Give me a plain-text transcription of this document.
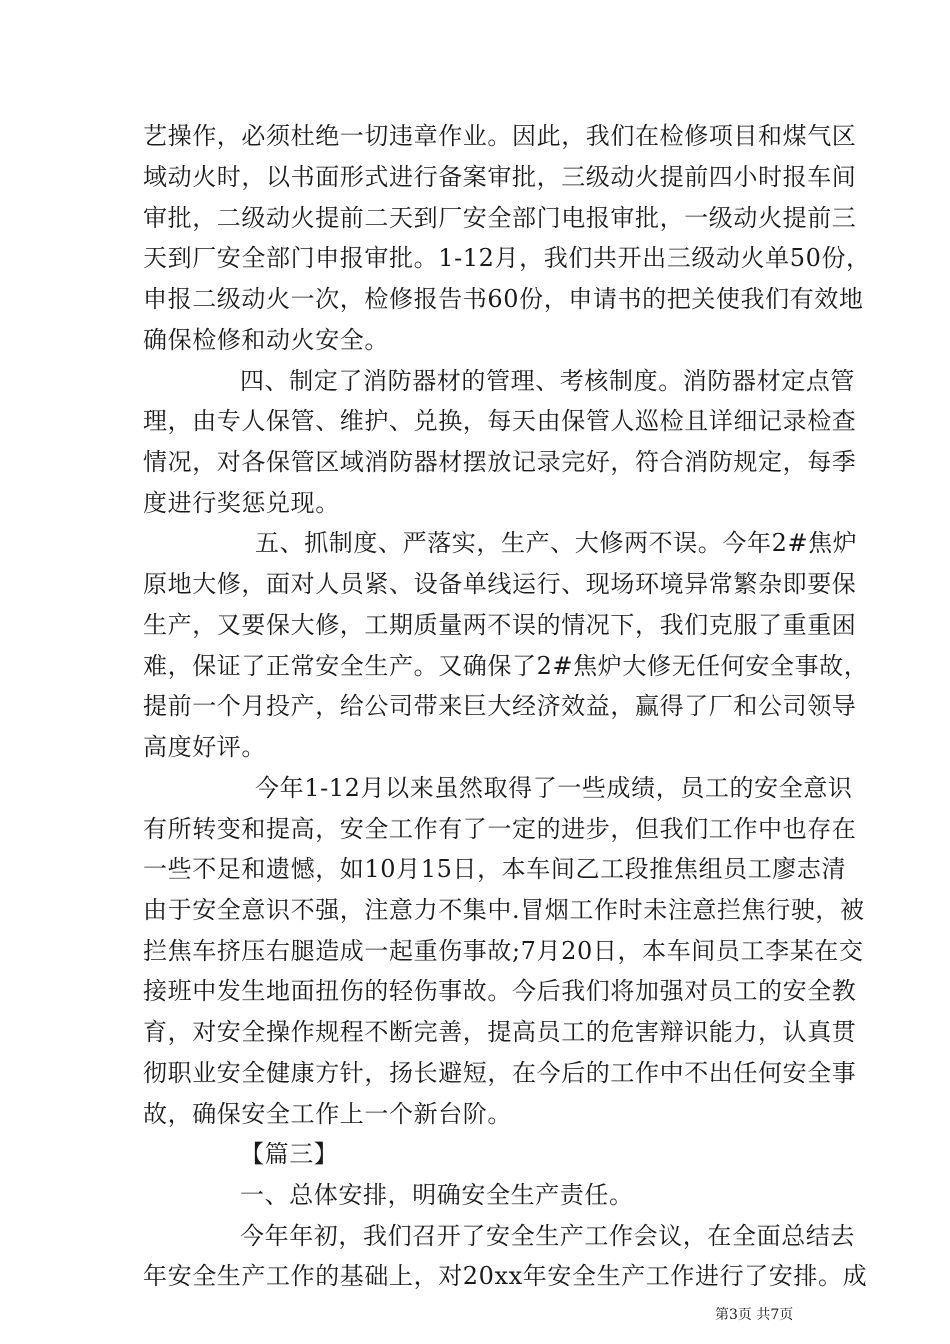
艺操作，必须杜绝一切违章作业。因此，我们在检修项目和煤气区
域动火时，以书面形式进行备案审批，三级动火提前四小时报车间
审批，二级动火提前二天到厂安全部门电报审批，一级动火提前三
天到厂安全部门申报审批。1-12月，我们共开出三级动火单50份，
申报二级动火一次，检修报告书60份，申请书的把关使我们有效地
确保检修和动火安全。
四、制定了消防器材的管理、考核制度。消防器材定点管
理，由专人保管、维护、兑换，每天由保管人巡检且详细记录检查
情况，对各保管区域消防器材摆放记录完好，符合消防规定，每季
度进行奖惩兑现。
五、抓制度、严落实，生产、大修两不误。今年2#焦炉
原地大修，面对人员紧、设备单线运行、现场环境异常繁杂即要保
生产，又要保大修，工期质量两不误的情况下，我们克服了重重困
难，保证了正常安全生产。又确保了2#焦炉大修无任何安全事故，
提前一个月投产，给公司带来巨大经济效益，赢得了厂和公司领导
高度好评。
今年1-12月以来虽然取得了一些成绩，员工的安全意识
有所转变和提高，安全工作有了一定的进步，但我们工作中也存在
一些不足和遗憾，如10月15日，本车间乙工段推焦组员工廖志清
由于安全意识不强，注意力不集中.冒烟工作时未注意拦焦行驶，被
拦焦车挤压右腿造成一起重伤事故;7月20日，本车间员工李某在交
接班中发生地面扭伤的轻伤事故。今后我们将加强对员工的安全教
育，对安全操作规程不断完善，提高员工的危害辩识能力，认真贯
彻职业安全健康方针，扬长避短，在今后的工作中不出任何安全事
故，确保安全工作上一个新台阶。
【篇三】
一、总体安排，明确安全生产责任。
今年年初，我们召开了安全生产工作会议，在全面总结去
年安全生产工作的基础上，对20xx年安全生产工作进行了安排。成
第3页 共7页
